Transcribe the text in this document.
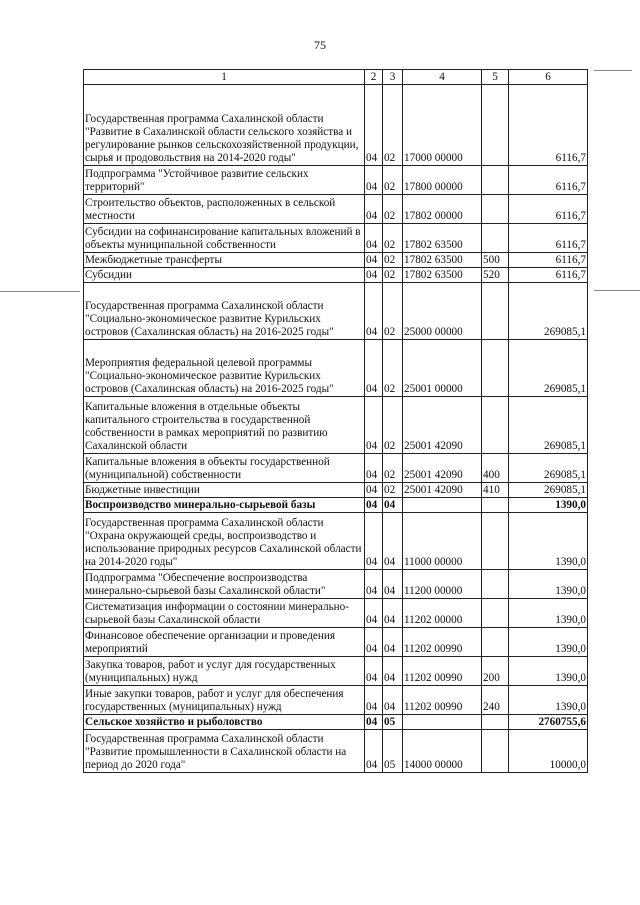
75
1	2	3	4	5	6
Государственная программа Сахалинской области "Развитие в Сахалинской области сельского хозяйства и регулирование рынков сельскохозяйственной продукции, сырья и продовольствия на 2014-2020 годы"	04	02	17000 00000		6116,7
Подпрограмма "Устойчивое развитие сельских территорий"	04	02	17800 00000		6116,7
Строительство объектов, расположенных в сельской местности	04	02	17802 00000		6116,7
Субсидии на софинансирование капитальных вложений в объекты муниципальной собственности	04	02	17802 63500		6116,7
Межбюджетные трансферты	04	02	17802 63500	500	6116,7
Субсидии	04	02	17802 63500	520	6116,7
Государственная программа Сахалинской области "Социально-экономическое развитие Курильских островов (Сахалинская область) на 2016-2025 годы"	04	02	25000 00000		269085,1
Мероприятия федеральной целевой программы "Социально-экономическое развитие Курильских островов (Сахалинская область) на 2016-2025 годы"	04	02	25001 00000		269085,1
Капитальные вложения в отдельные объекты капитального строительства в государственной собственности в рамках мероприятий по развитию Сахалинской области	04	02	25001 42090		269085,1
Капитальные вложения в объекты государственной (муниципальной) собственности	04	02	25001 42090	400	269085,1
Бюджетные инвестиции	04	02	25001 42090	410	269085,1
Воспроизводство минерально-сырьевой базы	04	04			1390,0
Государственная программа Сахалинской области "Охрана окружающей среды, воспроизводство и использование природных ресурсов Сахалинской области на 2014-2020 годы"	04	04	11000 00000		1390,0
Подпрограмма "Обеспечение воспроизводства минерально-сырьевой базы Сахалинской области"	04	04	11200 00000		1390,0
Систематизация информации о состоянии минерально-сырьевой базы Сахалинской области	04	04	11202 00000		1390,0
Финансовое обеспечение организации и проведения мероприятий	04	04	11202 00990		1390,0
Закупка товаров, работ и услуг для государственных (муниципальных) нужд	04	04	11202 00990	200	1390,0
Иные закупки товаров, работ и услуг для обеспечения государственных (муниципальных) нужд	04	04	11202 00990	240	1390,0
Сельское хозяйство и рыболовство	04	05			2760755,6
Государственная программа Сахалинской области "Развитие промышленности в Сахалинской области на период до 2020 года"	04	05	14000 00000		10000,0
